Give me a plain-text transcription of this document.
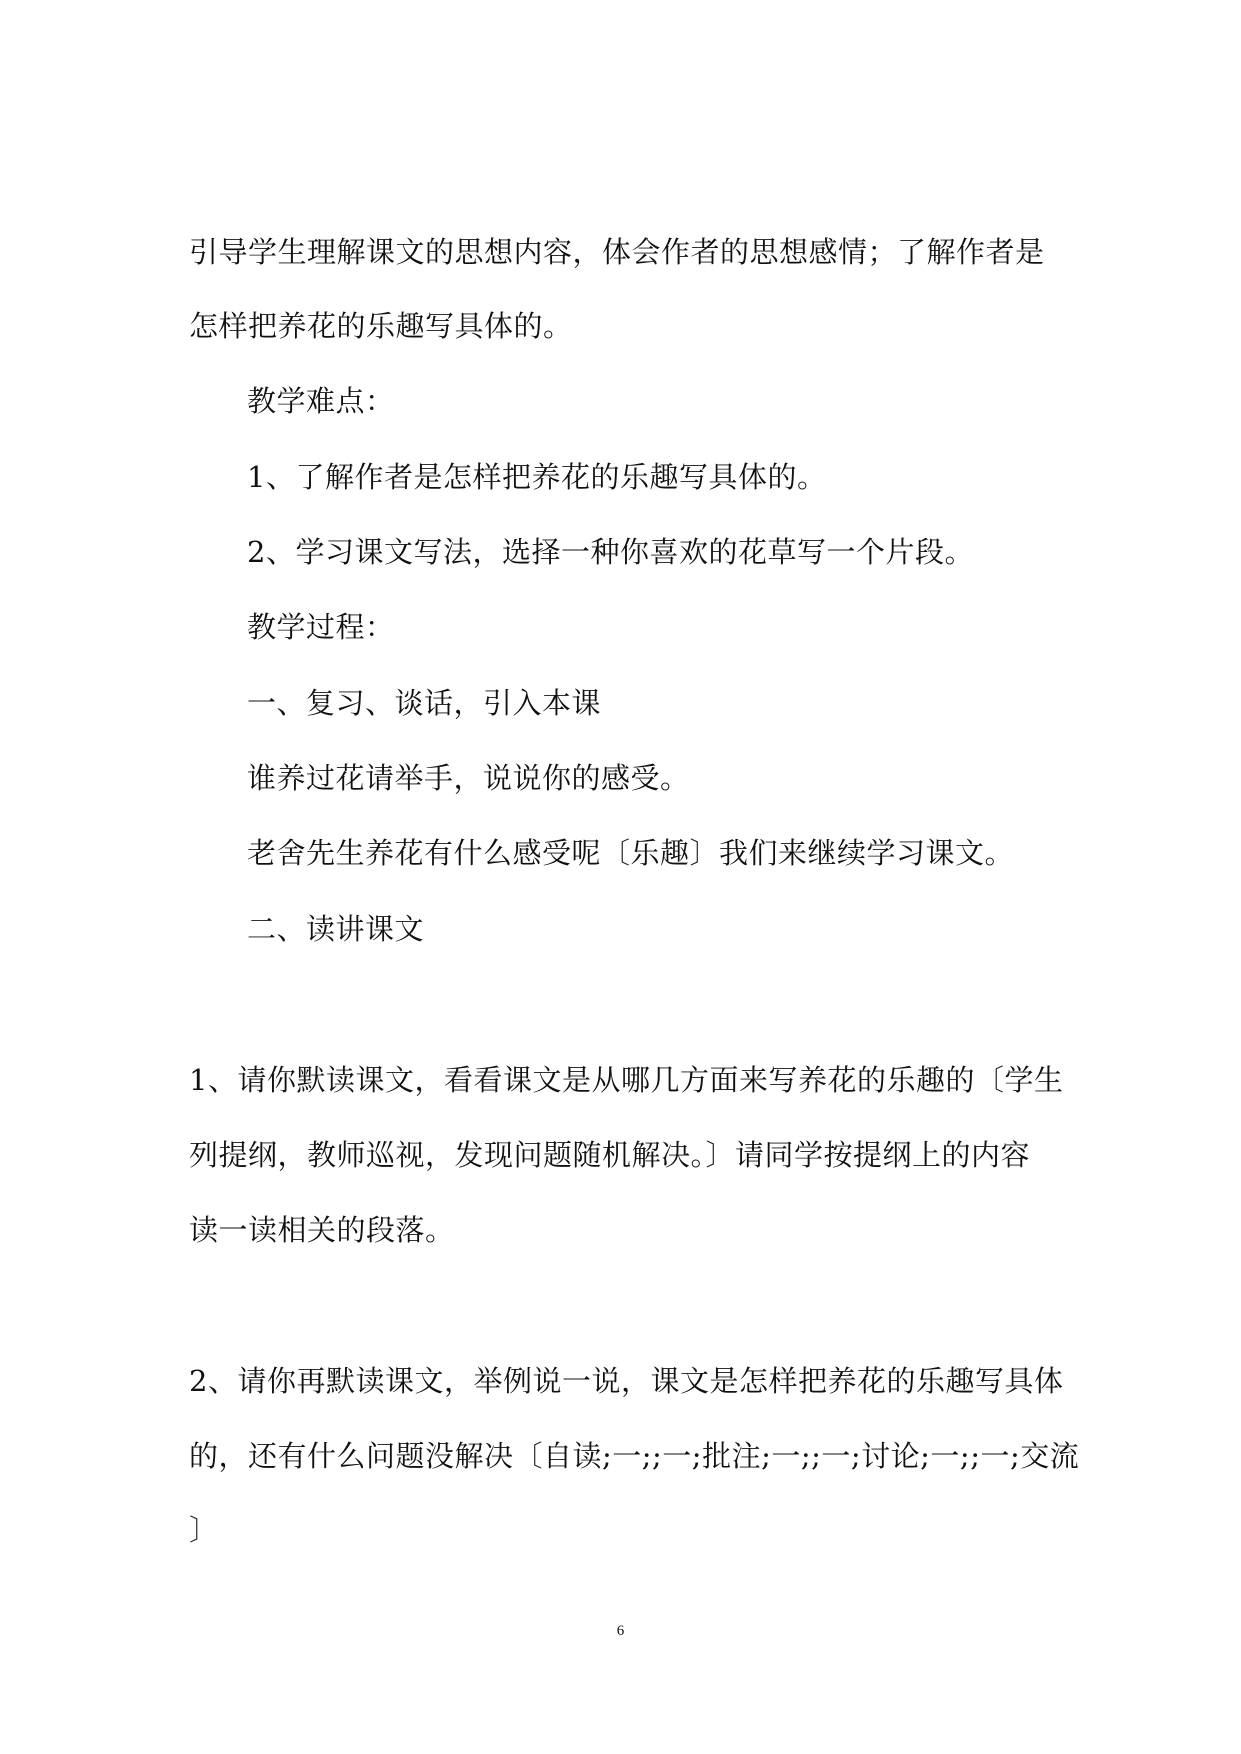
引导学生理解课文的思想内容，体会作者的思想感情；了解作者是
怎样把养花的乐趣写具体的。
教学难点：
1、了解作者是怎样把养花的乐趣写具体的。
2、学习课文写法，选择一种你喜欢的花草写一个片段。
教学过程：
一、复习、谈话，引入本课
谁养过花请举手，说说你的感受。
老舍先生养花有什么感受呢〔乐趣〕我们来继续学习课文。
二、读讲课文
1、请你默读课文，看看课文是从哪几方面来写养花的乐趣的〔学生
列提纲，教师巡视，发现问题随机解决。〕请同学按提纲上的内容
读一读相关的段落。
2、请你再默读课文，举例说一说，课文是怎样把养花的乐趣写具体
的，还有什么问题没解决〔自读;一;;一;批注;一;;一;讨论;一;;一;交流
〕
6
